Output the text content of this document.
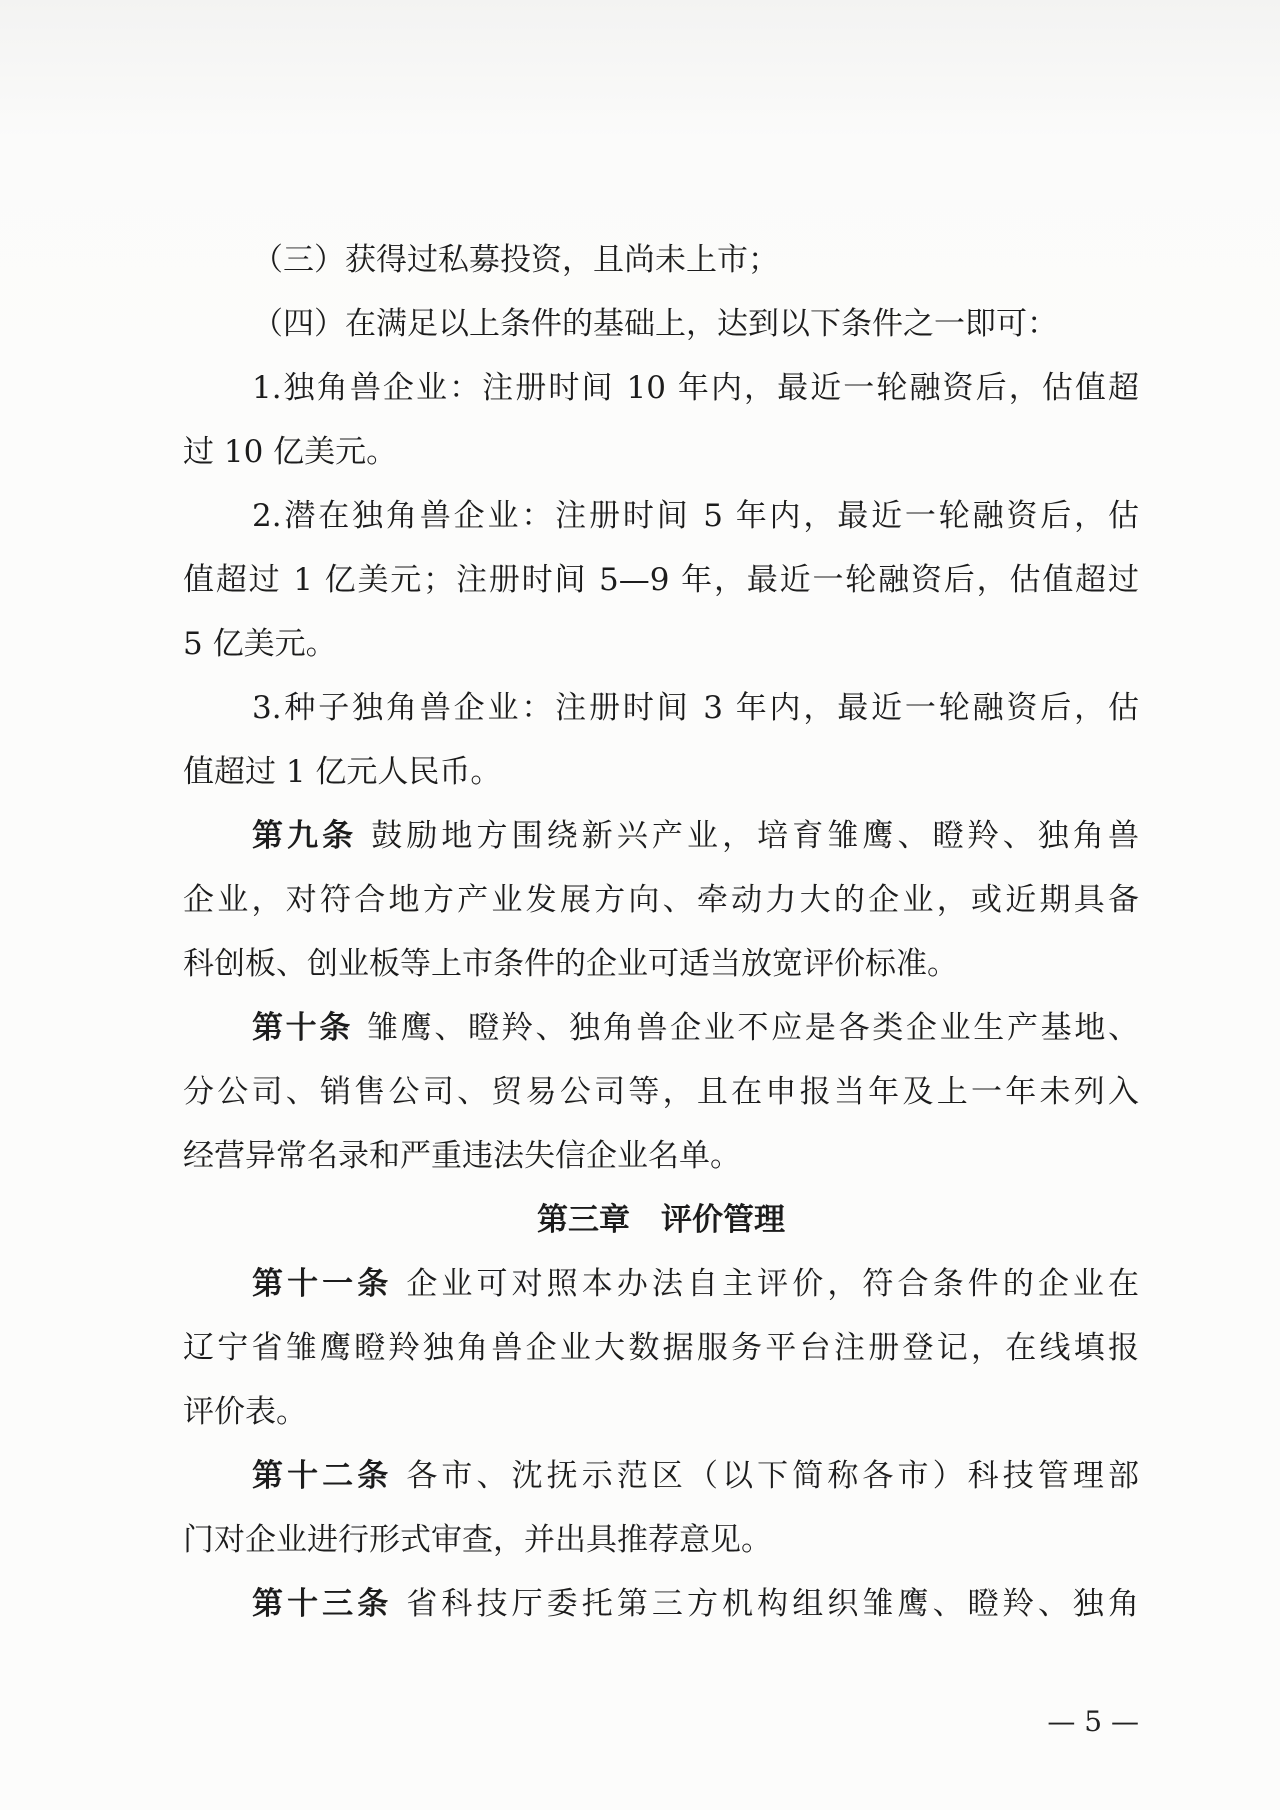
（三）获得过私募投资，且尚未上市；
（四）在满足以上条件的基础上，达到以下条件之一即可：
1.独角兽企业：注册时间 10 年内，最近一轮融资后，估值超
过 10 亿美元。
2.潜在独角兽企业：注册时间 5 年内，最近一轮融资后，估
值超过 1 亿美元；注册时间 5—9 年，最近一轮融资后，估值超过
5 亿美元。
3.种子独角兽企业：注册时间 3 年内，最近一轮融资后，估
值超过 1 亿元人民币。
第九条 鼓励地方围绕新兴产业，培育雏鹰、瞪羚、独角兽
企业，对符合地方产业发展方向、牵动力大的企业，或近期具备
科创板、创业板等上市条件的企业可适当放宽评价标准。
第十条 雏鹰、瞪羚、独角兽企业不应是各类企业生产基地、
分公司、销售公司、贸易公司等，且在申报当年及上一年未列入
经营异常名录和严重违法失信企业名单。
第三章　评价管理
第十一条 企业可对照本办法自主评价，符合条件的企业在
辽宁省雏鹰瞪羚独角兽企业大数据服务平台注册登记，在线填报
评价表。
第十二条 各市、沈抚示范区（以下简称各市）科技管理部
门对企业进行形式审查，并出具推荐意见。
第十三条 省科技厅委托第三方机构组织雏鹰、瞪羚、独角
— 5 —
